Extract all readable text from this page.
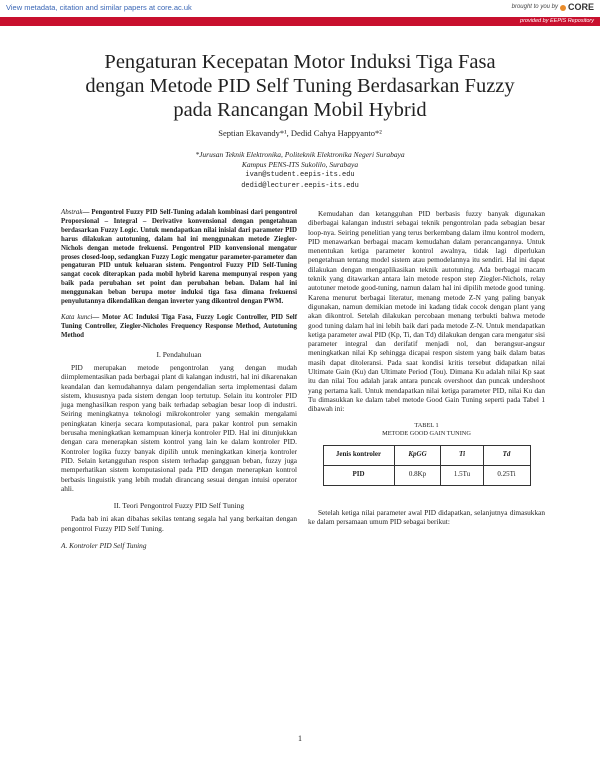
View metadata, citation and similar papers at core.ac.uk	brought to you by	CORE
provided by EEPIS Repository
Pengaturan Kecepatan Motor Induksi Tiga Fasa
dengan Metode PID Self Tuning Berdasarkan Fuzzy
pada Rancangan Mobil Hybrid
Septian Ekavandy*¹, Dedid Cahya Happyanto*²
*Jurusan Teknik Elektronika, Politeknik Elektronika Negeri Surabaya
Kampus PENS-ITS Sukolilo, Surabaya
ivan@student.eepis-its.edu
dedid@lecturer.eepis-its.edu
Abstrak— Pengontrol Fuzzy PID Self-Tuning adalah kombinasi dari pengontrol Proporsional – Integral – Derivative konvensional dengan pengetahuan berdasarkan Fuzzy Logic. Untuk mendapatkan nilai inisial dari parameter PID harus dilakukan autotuning, dalam hal ini menggunakan metode Ziegler-Nichols dengan metode frekuensi. Pengontrol PID konvensional mengatur proses closed-loop, sedangkan Fuzzy Logic mengatur parameter-parameter dan pengaturan PID untuk keluaran sistem. Pengontrol Fuzzy PID Self-Tuning sangat cocok diterapkan pada mobil hybrid karena mempunyai respon yang baik pada perubahan set point dan perubahan beban. Dalam hal ini menggunakan beban berupa motor induksi tiga fasa dimana frekuensi penyulutannya dikendalikan dengan inverter yang dikontrol dengan PWM.
Kata kunci— Motor AC Induksi Tiga Fasa, Fuzzy Logic Controller, PID Self Tuning Controller, Ziegler-Nicholes Frequency Response Method, Autotuning Method
I. Pendahuluan

PID merupakan metode pengontrolan yang dengan mudah diimplementasikan pada berbagai plant di kalangan industri, hal ini dikarenakan keandalan dan kemudahannya dalam pengendalian serta implementasi dalam sistem, khususnya pada sistem dengan loop tertutup. Selain itu kontroler PID juga menghasilkan respon yang baik terhadap sebagian besar loop di industri. Seiring meningkatnya teknologi mikrokontroler yang semakin mengalami peningkatan kinerja secara komputasional, para pakar kontrol pun semakin berusaha meningkatkan kemampuan kinerja kontroler PID. Hal ini ditunjukkan dengan cara menerapkan sistem kontrol yang lain ke dalam kontroler PID. Kontroler logika fuzzy banyak dipilih untuk meningkatkan kinerja kontroler PID. Selain ketangguhan respon sistem terhadap gangguan beban, fuzzy juga memperhatikan sistem komputasional pada PID dengan menerapkan kontrol berbasis linguistik yang lebih mudah dirancang sesuai dengan intuisi operator ahli.

II. Teori Pengontrol Fuzzy PID Self Tuning

Pada bab ini akan dibahas sekilas tentang segala hal yang berkaitan dengan pengontrol Fuzzy PID Self Tuning.

A. Kontroler PID Self Tuning

Kemudahan dan ketangguhan PID berbasis fuzzy banyak digunakan diberbagai kalangan industri sebagai teknik pengontrolan pada sebagian besar loop-nya. Seiring penelitian yang terus berkembang dalam ilmu kontrol modern, PID menawarkan berbagai macam kemudahan dalam perancangannya. Untuk menentukan ketiga parameter kontrol awalnya, tidak lagi diperlukan pengetahuan tentang model sistem atau pemodelannya itu sendiri. Hal ini dapat dilakukan dengan mengaplikasikan teknik autotuning. Ada berbagai macam teknik yang ditawarkan antara lain metode respon step Ziegler-Nichols, relay autotuner metode good-tuning, namun dalam hal ini dipilih metode good tuning. Karena menurut berbagai literatur, menang metode Z-N yang paling banyak digunakan, namun demikian metode ini kadang tidak cocok dengan plant yang akan dikontrol. Setelah dilakukan percobaan menang terbukti bahwa metode good tuning dalam hal ini lebih baik dari pada metode Z-N. Untuk mendapatkan ketiga parameter awal PID (Kp, Ti, dan Td) dilakukan dengan cara mengatur sisi parameter integral dan derifatif menjadi nol, dan berangsur-angsur meningkatkan nilai Kp sehingga dicapai respon sistem yang baik dalam batas masih dapat ditoleransi. Pada saat kondisi kritis tersebut didapatkan nilai Ultimate Gain (Ku) dan Ultimate Period (Tou). Dimana Ku adalah nilai Kp saat itu dan nilai Tou adalah jarak antara puncak overshoot dan puncak undershoot yang pertama kali. Untuk mendapatkan nilai ketiga parameter PID, nilai Ku dan Tu dimasukkan ke dalam tabel metode Good Gain Tuning seperti pada Tabel 1 dibawah ini:

TABEL 1
METODE GOOD GAIN TUNING
Jenis kontroler	KpGG	Ti	Td
PID	0.8Kp	1.5Tu	0.25Ti

Setelah ketiga nilai parameter awal PID didapatkan, selanjutnya dimasukkan ke dalam persamaan umum PID sebagai berikut:

1
